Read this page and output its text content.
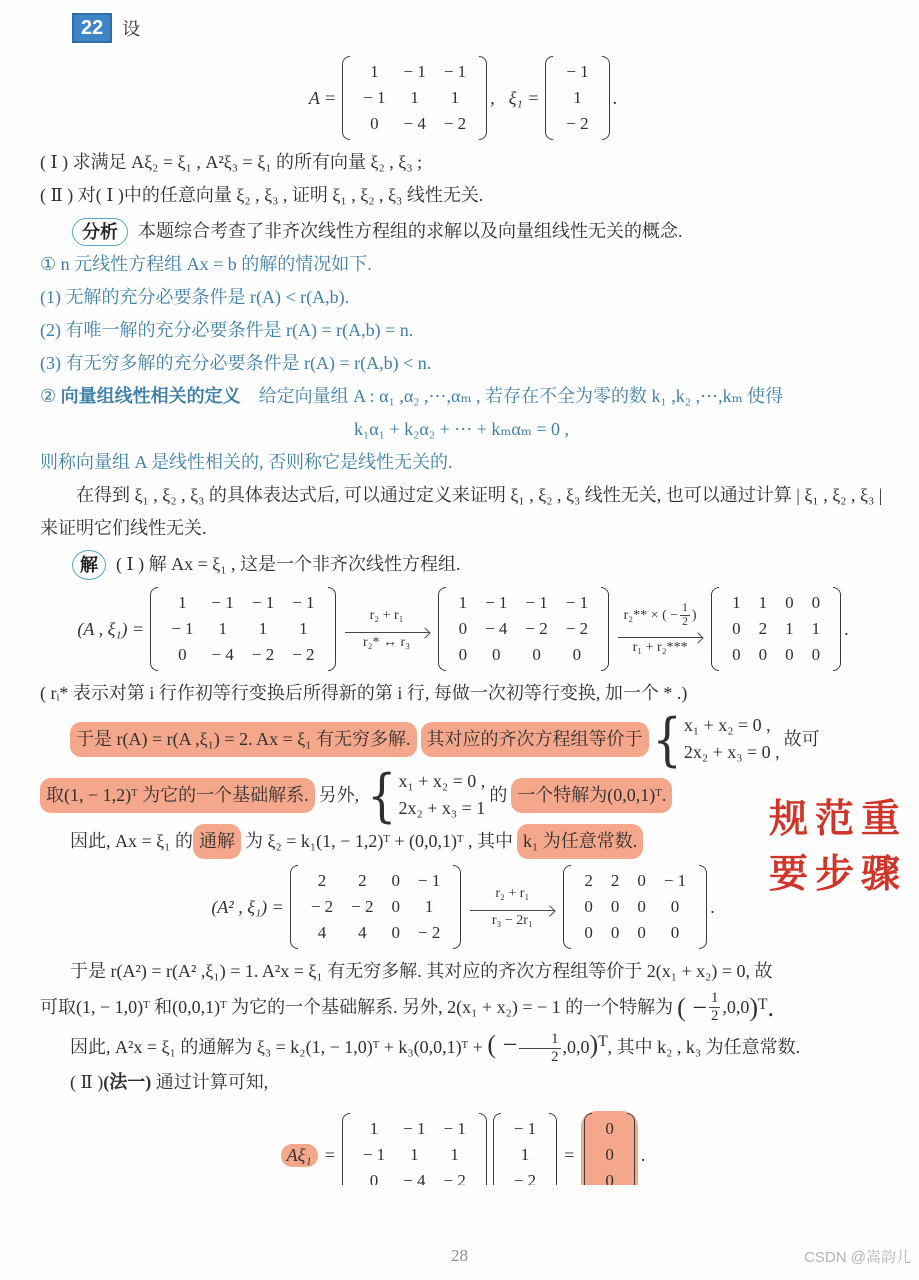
22	设
A =
1	− 1	− 1
− 1	1	1
0	− 4	− 2
, ξ₁ =
− 1
1
− 2
.
( Ⅰ ) 求满足 Aξ₂ = ξ₁ , A²ξ₃ = ξ₁ 的所有向量 ξ₂ , ξ₃ ;
( Ⅱ ) 对( Ⅰ )中的任意向量 ξ₂ , ξ₃ , 证明 ξ₁ , ξ₂ , ξ₃ 线性无关.
分析	本题综合考查了非齐次线性方程组的求解以及向量组线性无关的概念.
① n 元线性方程组 Ax = b 的解的情况如下.
(1) 无解的充分必要条件是 r(A) < r(A,b).
(2) 有唯一解的充分必要条件是 r(A) = r(A,b) = n.
(3) 有无穷多解的充分必要条件是 r(A) = r(A,b) < n.
② 向量组线性相关的定义　给定向量组 A : α₁ ,α₂ ,⋯,αₘ , 若存在不全为零的数 k₁ ,k₂ ,⋯,kₘ 使得
k₁α₁ + k₂α₂ + ⋯ + kₘαₘ = 0 ,
则称向量组 A 是线性相关的, 否则称它是线性无关的.
在得到 ξ₁ , ξ₂ , ξ₃ 的具体表达式后, 可以通过定义来证明 ξ₁ , ξ₂ , ξ₃ 线性无关, 也可以通过计算 | ξ₁ , ξ₂ , ξ₃ | 来证明它们线性无关.
解	( Ⅰ ) 解 Ax = ξ₁ , 这是一个非齐次线性方程组.
(A , ξ₁) =
1	− 1	− 1	− 1
− 1	1	1	1
0	− 4	− 2	− 2
r₂ + r₁
r₂* ↔ r₃
1	− 1	− 1	− 1
0	− 4	− 2	− 2
0	0	0	0
r₂** × ( − $\frac{1}{2}$ )
r₁ + r₂***
1	1	0	0
0	2	1	1
0	0	0	0
.
( rᵢ* 表示对第 i 行作初等行变换后所得新的第 i 行, 每做一次初等行变换, 加一个 * .)
于是 r(A) = r(A ,ξ₁) = 2. Ax = ξ₁ 有无穷多解. 其对应的齐次方程组等价于 { x₁ + x₂ = 0 ,
2x₂ + x₃ = 0 ,
故可
取(1, − 1,2)ᵀ 为它的一个基础解系. 另外, { x₁ + x₂ = 0 ,
2x₂ + x₃ = 1
的 一个特解为(0,0,1)ᵀ.
因此, Ax = ξ₁ 的 通解 为 ξ₂ = k₁(1, − 1,2)ᵀ + (0,0,1)ᵀ , 其中 k₁ 为任意常数.
(A² , ξ₁) =
2	2	0	− 1
− 2	− 2	0	1
4	4	0	− 2
r₂ + r₁
r₃ − 2r₁
2	2	0	− 1
0	0	0	0
0	0	0	0
.
于是 r(A²) = r(A² ,ξ₁) = 1. A²x = ξ₁ 有无穷多解. 其对应的齐次方程组等价于 2(x₁ + x₂) = 0, 故
可取(1, − 1,0)ᵀ 和(0,0,1)ᵀ 为它的一个基础解系. 另外, 2(x₁ + x₂) = − 1 的一个特解为 ( − $\frac{1}{2} ,0,0$ )ᵀ.

因此, A²x = ξ₁ 的通解为 ξ₃ = k₂(1, − 1,0)ᵀ + k₃(0,0,1)ᵀ + ( − $\frac{1}{2}$ ,0,0)ᵀ, 其中 k₂ , k₃ 为任意常数.

( Ⅱ )(法一) 通过计算可知,
Aξ₁ =
1	− 1	− 1
− 1	1	1
0	− 4	− 2
− 1
1
− 2
=
0
0
0
.
规范重
要步骤
28	CSDN @嵩韵儿
